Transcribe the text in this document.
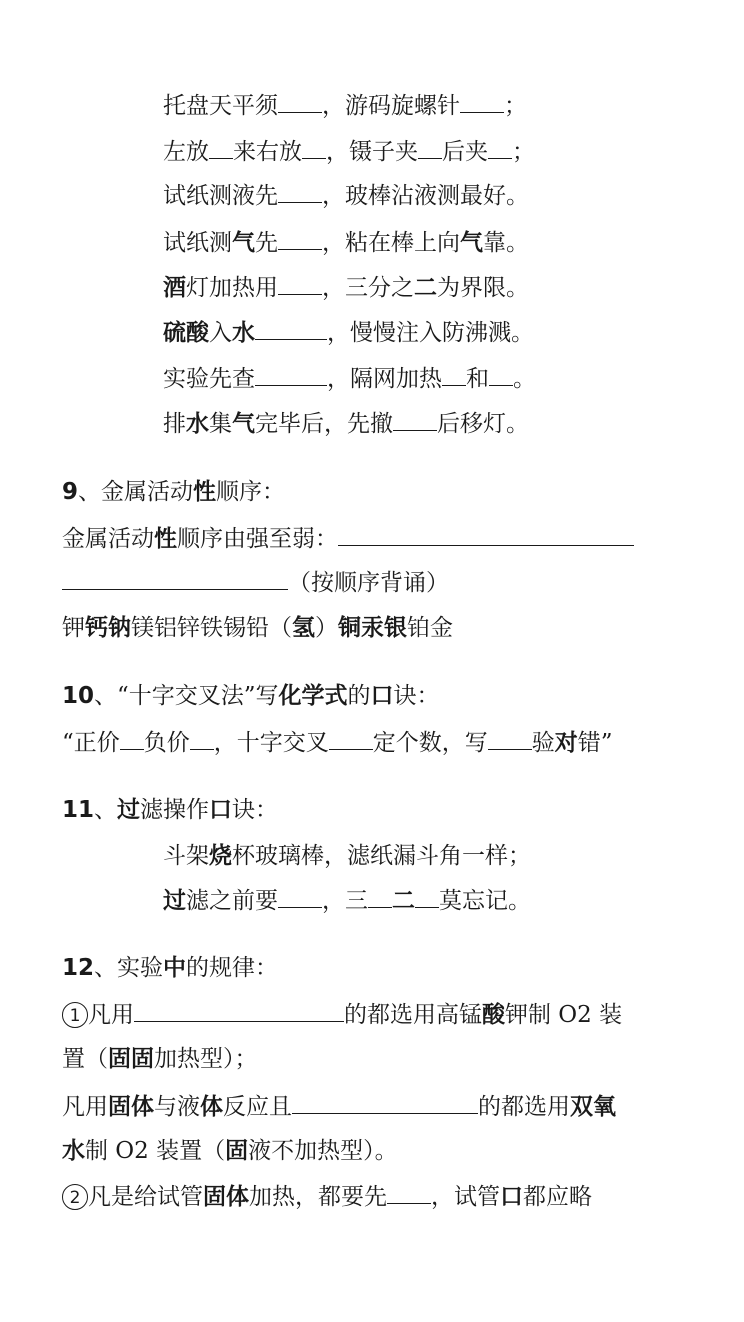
托盘天平须 ，游码旋螺针 ；
左放 来右放 ，镊子夹 后夹 ；
试纸测液先 ，玻棒沾液测最好。
试纸测气先 ，粘在棒上向气靠。
酒灯加热用 ，三分之二为界限。
硫酸入水	，慢慢注入防沸溅。
实验先查	，隔网加热 和 。
排水集气完毕后，先撤 后移灯。
9、金属活动性顺序：
金属活动性顺序由强至弱：
（按顺序背诵）
钾钙钠镁铝锌铁锡铅（氢）铜汞银铂金
10、“十字交叉法”写化学式的口诀：
“正价 负价 ，十字交叉 定个数，写 验对错”
11、过滤操作口诀：
斗架烧杯玻璃棒，滤纸漏斗角一样；
过滤之前要 ，三 二 莫忘记。
12、实验中的规律：
1 凡用	的都选用高锰酸钾制 O2 装
置（固固加热型）；
凡用固体与液体反应且	的都选用双氧
水制 O2 装置（固液不加热型）。
2 凡是给试管固体加热，都要先 ，试管口都应略
